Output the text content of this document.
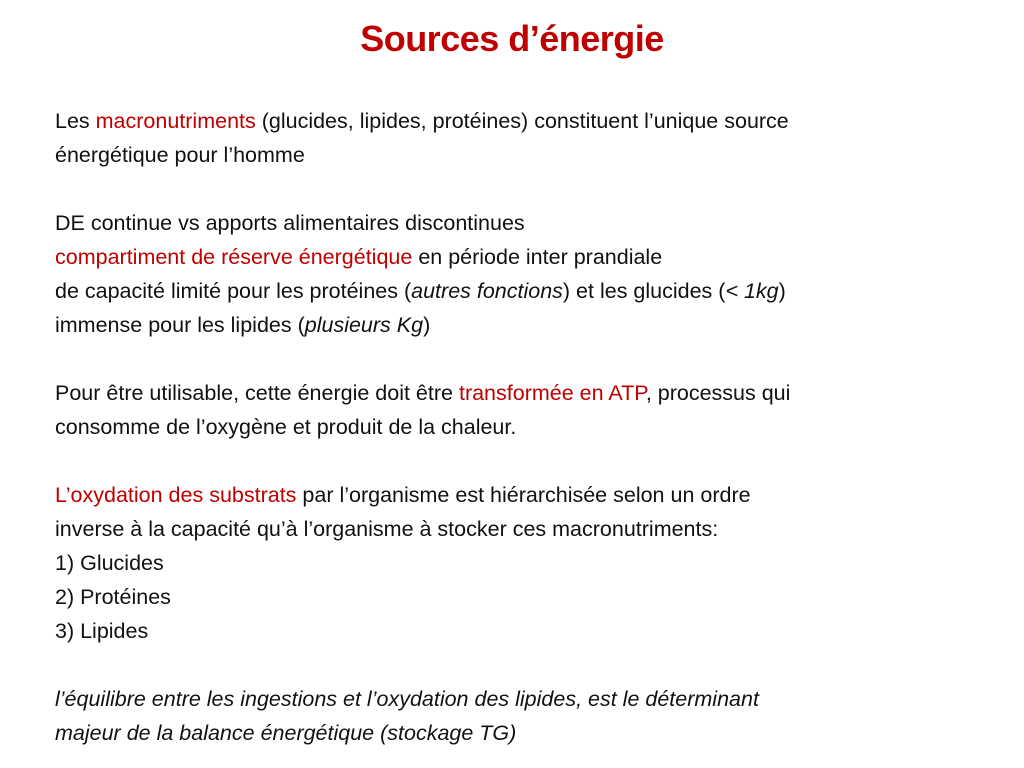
Sources d’énergie
Les macronutriments (glucides, lipides, protéines) constituent l’unique source
énergétique pour l’homme
DE continue vs apports alimentaires discontinues
compartiment de réserve énergétique en période inter prandiale
de capacité limité pour les protéines (autres fonctions) et les glucides (< 1kg)
immense pour les lipides (plusieurs Kg)
Pour être utilisable, cette énergie doit être transformée en ATP, processus qui
consomme de l’oxygène et produit de la chaleur.
L’oxydation des substrats par l’organisme est hiérarchisée selon un ordre
inverse à la capacité qu’à l’organisme à stocker ces macronutriments:
1) Glucides
2) Protéines
3) Lipides
l’équilibre entre les ingestions et l’oxydation des lipides, est le déterminant
majeur de la balance énergétique (stockage TG)
